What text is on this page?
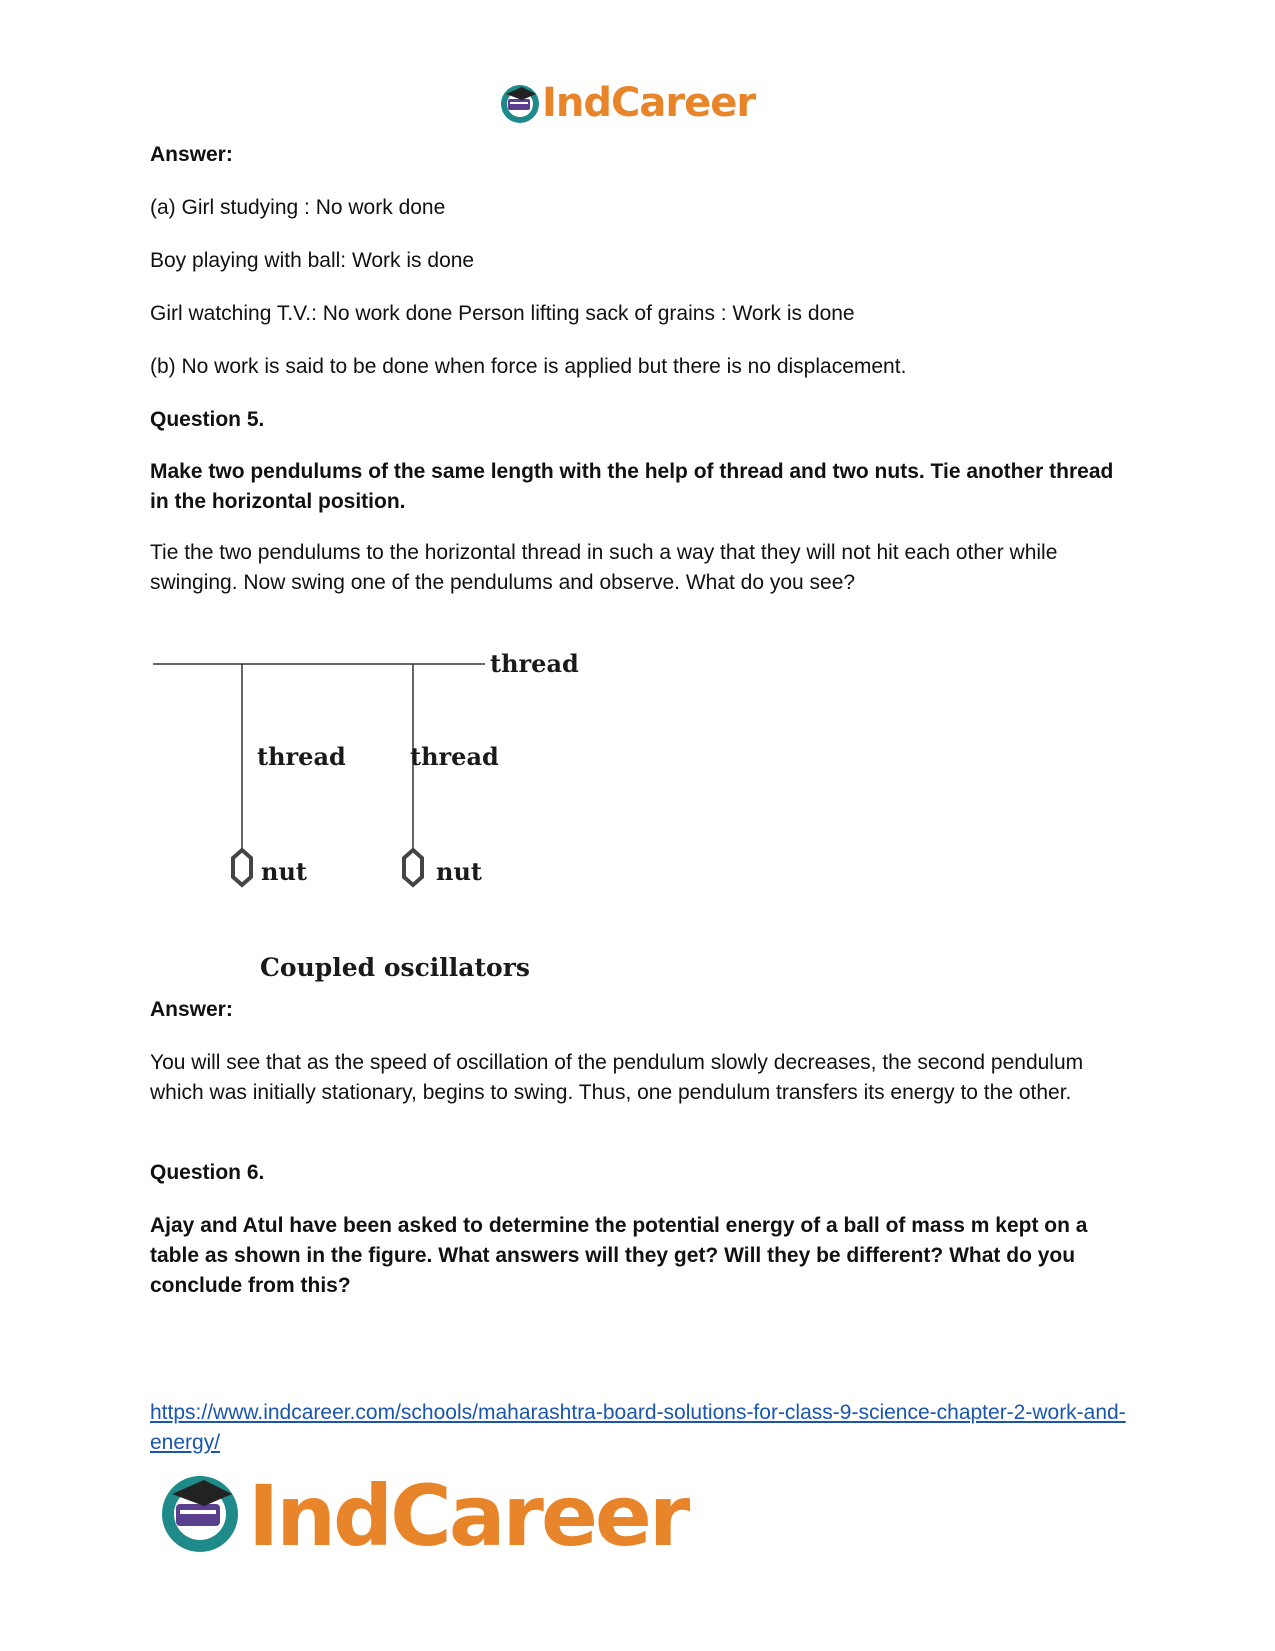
IndCareer

Answer:

(a) Girl studying : No work done

Boy playing with ball: Work is done

Girl watching T.V.: No work done Person lifting sack of grains : Work is done

(b) No work is said to be done when force is applied but there is no displacement.

Question 5.

Make two pendulums of the same length with the help of thread and two nuts. Tie another thread in the horizontal position.

Tie the two pendulums to the horizontal thread in such a way that they will not hit each other while swinging. Now swing one of the pendulums and observe. What do you see?

thread
thread	thread
nut	nut
Coupled oscillators

Answer:

You will see that as the speed of oscillation of the pendulum slowly decreases, the second pendulum which was initially stationary, begins to swing. Thus, one pendulum transfers its energy to the other.

Question 6.

Ajay and Atul have been asked to determine the potential energy of a ball of mass m kept on a table as shown in the figure. What answers will they get? Will they be different? What do you conclude from this?

https://www.indcareer.com/schools/maharashtra-board-solutions-for-class-9-science-chapter-2-work-and-energy/
IndCareer
